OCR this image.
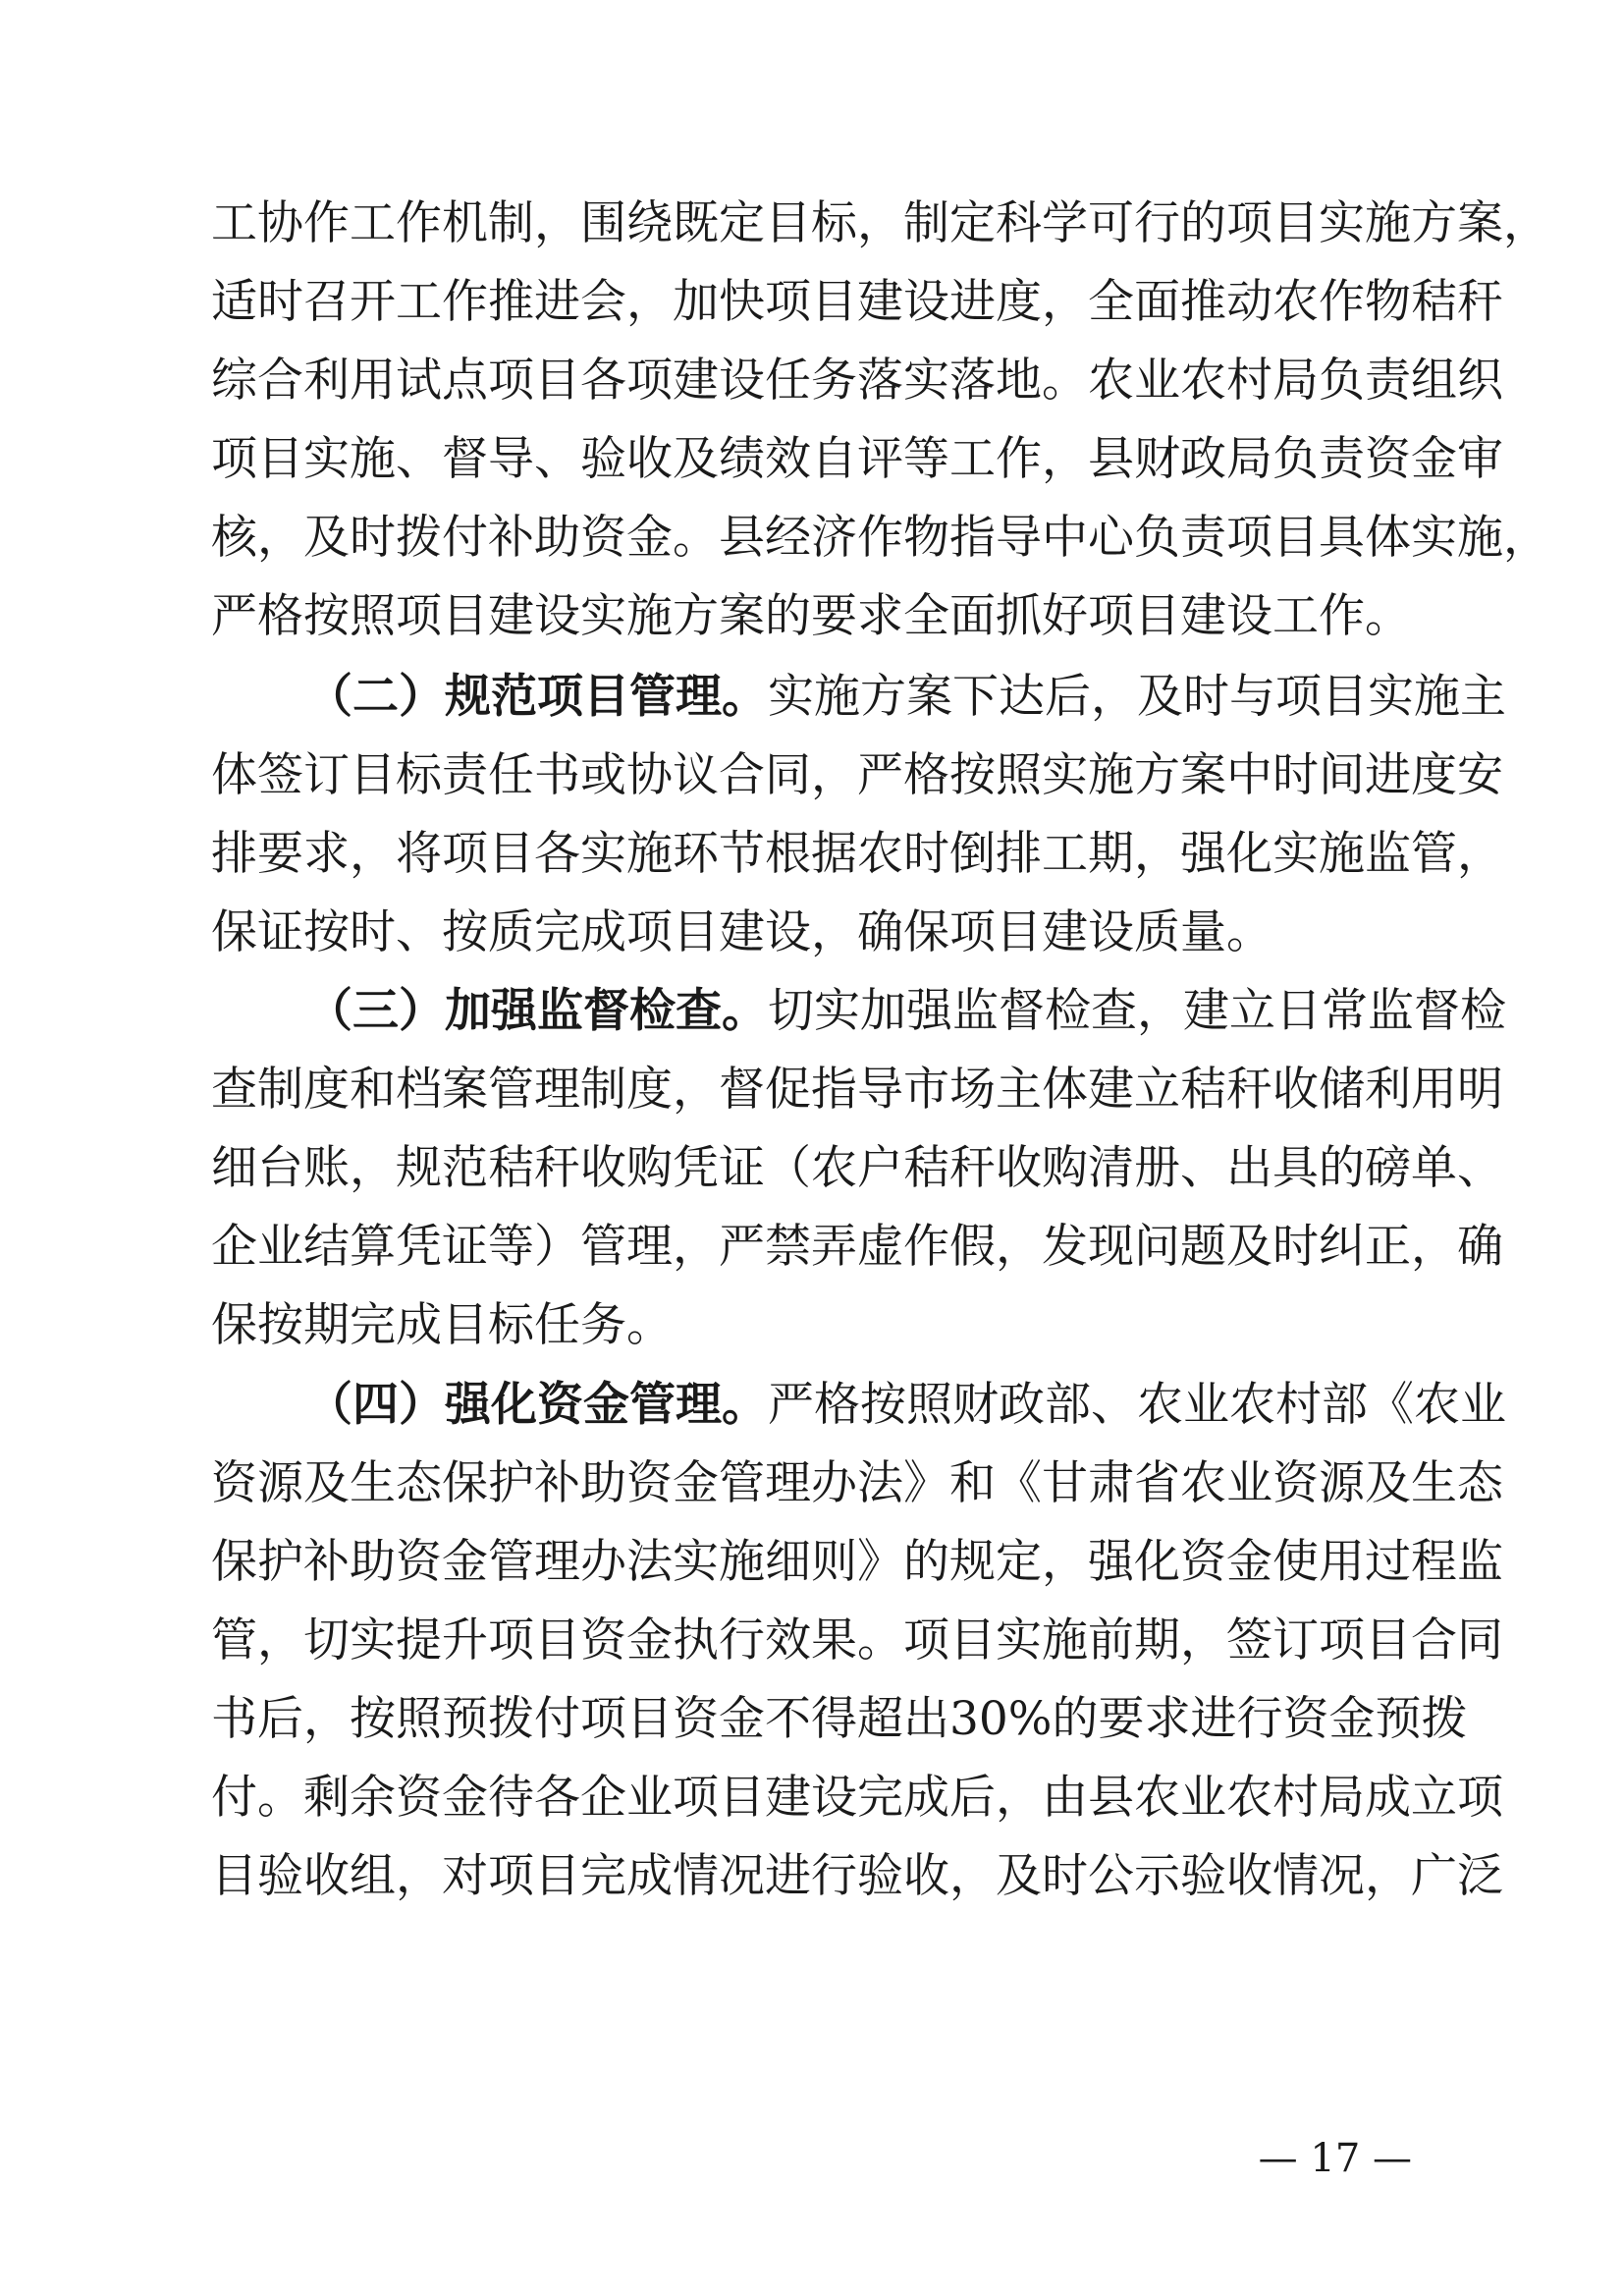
工协作工作机制，围绕既定目标，制定科学可行的项目实施方案，
适时召开工作推进会，加快项目建设进度，全面推动农作物秸秆
综合利用试点项目各项建设任务落实落地。农业农村局负责组织
项目实施、督导、验收及绩效自评等工作，县财政局负责资金审
核，及时拨付补助资金。县经济作物指导中心负责项目具体实施，
严格按照项目建设实施方案的要求全面抓好项目建设工作。
（二）规范项目管理。实施方案下达后，及时与项目实施主
体签订目标责任书或协议合同，严格按照实施方案中时间进度安
排要求，将项目各实施环节根据农时倒排工期，强化实施监管，
保证按时、按质完成项目建设，确保项目建设质量。
（三）加强监督检查。切实加强监督检查，建立日常监督检
查制度和档案管理制度，督促指导市场主体建立秸秆收储利用明
细台账，规范秸秆收购凭证（农户秸秆收购清册、出具的磅单、
企业结算凭证等）管理，严禁弄虚作假，发现问题及时纠正，确
保按期完成目标任务。
（四）强化资金管理。严格按照财政部、农业农村部《农业
资源及生态保护补助资金管理办法》和《甘肃省农业资源及生态
保护补助资金管理办法实施细则》的规定，强化资金使用过程监
管，切实提升项目资金执行效果。项目实施前期，签订项目合同
书后，按照预拨付项目资金不得超出30%的要求进行资金预拨
付。剩余资金待各企业项目建设完成后，由县农业农村局成立项
目验收组，对项目完成情况进行验收，及时公示验收情况，广泛
— 17 —
